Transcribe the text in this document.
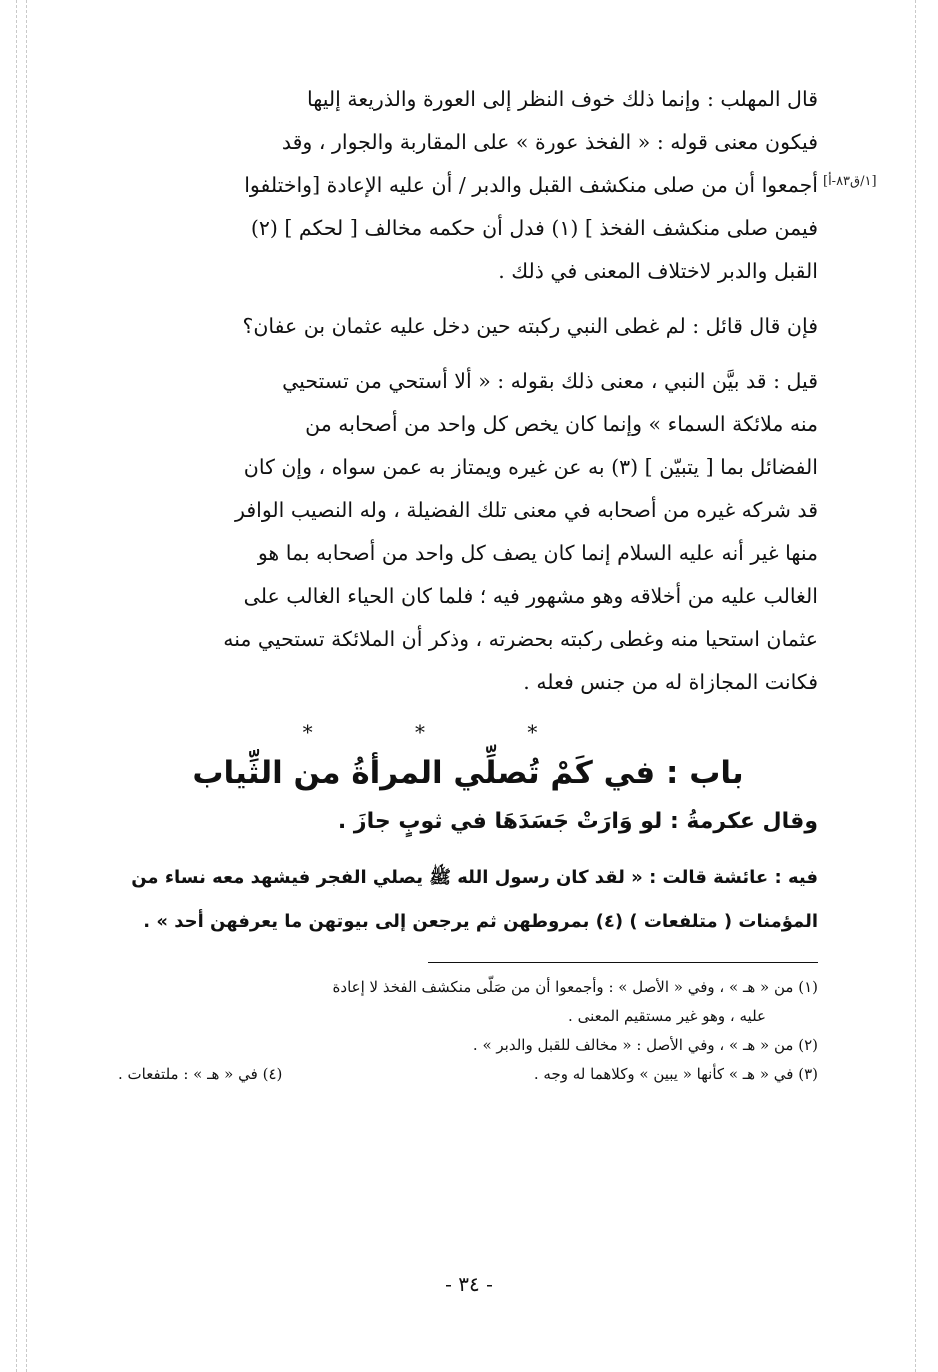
[١/ق٨٣-أ]
قال المهلب : وإنما ذلك خوف النظر إلى العورة والذريعة إليها
فيكون معنى قوله : « الفخذ عورة » على المقاربة والجوار ، وقد
أجمعوا أن من صلى منكشف القبل والدبر / أن عليه الإعادة [واختلفوا
فيمن صلى منكشف الفخذ ] (١) فدل أن حكمه مخالف [ لحكم ] (٢)
القبل والدبر لاختلاف المعنى في ذلك .
فإن قال قائل : لم غطى النبي ركبته حين دخل عليه عثمان بن عفان؟
قيل : قد بيَّن النبي ، معنى ذلك بقوله : « ألا أستحي من تستحيي
منه ملائكة السماء » وإنما كان يخص كل واحد من أصحابه من
الفضائل بما [ يتبيّن ] (٣) به عن غيره ويمتاز به عمن سواه ، وإن كان
قد شركه غيره من أصحابه في معنى تلك الفضيلة ، وله النصيب الوافر
منها غير أنه عليه السلام إنما كان يصف كل واحد من أصحابه بما هو
الغالب عليه من أخلاقه وهو مشهور فيه ؛ فلما كان الحياء الغالب على
عثمان استحيا منه وغطى ركبته بحضرته ، وذكر أن الملائكة تستحيي منه
فكانت المجازاة له من جنس فعله .
* * *
باب : في كَمْ تُصلِّي المرأةُ من الثِّياب
وقال عكرمةُ : لو وَارَتْ جَسَدَهَا في ثوبٍ جازَ .
فيه : عائشة قالت : « لقد كان رسول الله ﷺ يصلي الفجر فيشهد معه نساء من
المؤمنات ( متلفعات ) (٤) بمروطهن ثم يرجعن إلى بيوتهن ما يعرفهن أحد » .
(١) من « هـ » ، وفي « الأصل » : وأجمعوا أن من صَلّى منكشف الفخذ لا إعادة
عليه ، وهو غير مستقيم المعنى .
(٢) من « هـ » ، وفي الأصل : « مخالف للقبل والدبر » .
(٣) في « هـ » كأنها « يبين » وكلاهما له وجه .
(٤) في « هـ » : ملتفعات .
- ٣٤ -
